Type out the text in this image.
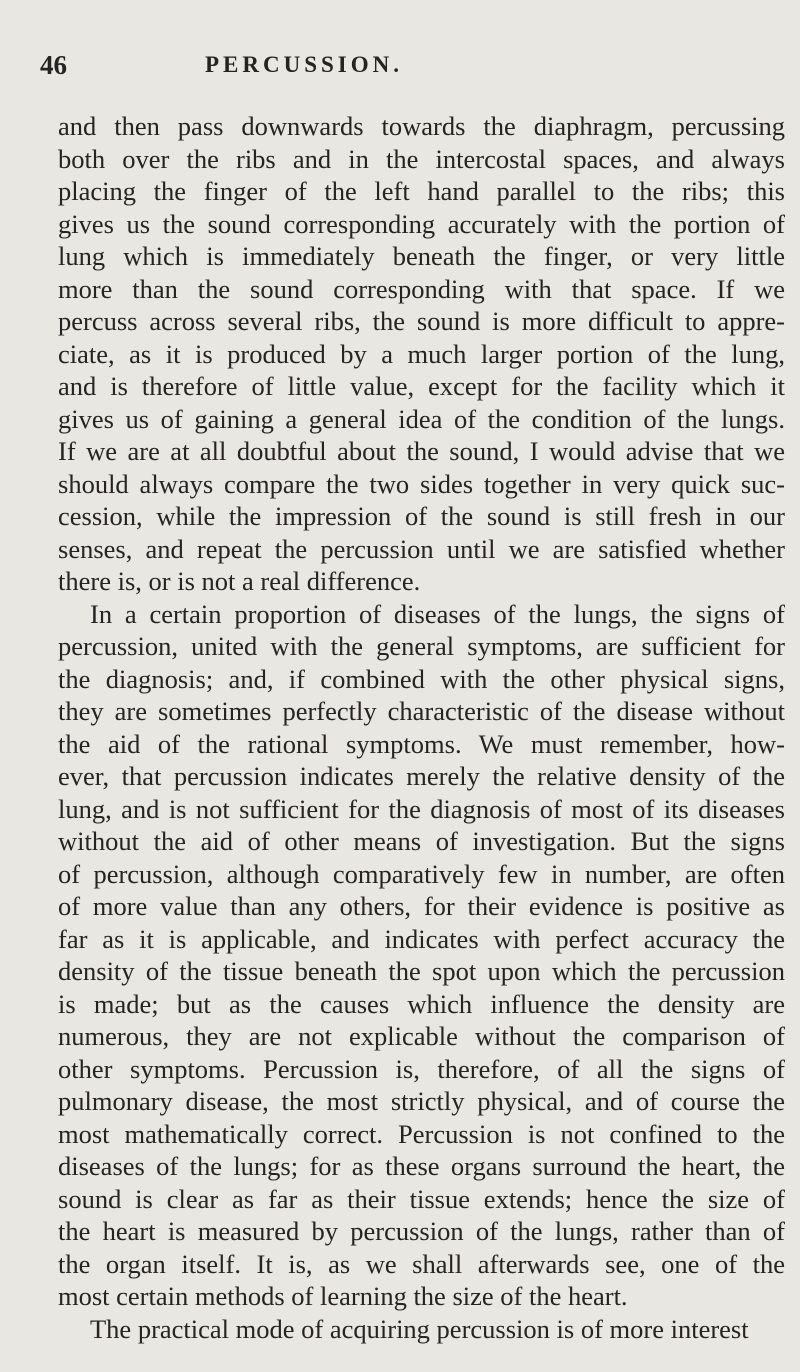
46	PERCUSSION.
and then pass downwards towards the diaphragm, percussing
both over the ribs and in the intercostal spaces, and always
placing the finger of the left hand parallel to the ribs; this
gives us the sound corresponding accurately with the portion of
lung which is immediately beneath the finger, or very little
more than the sound corresponding with that space. If we
percuss across several ribs, the sound is more difficult to appre-
ciate, as it is produced by a much larger portion of the lung,
and is therefore of little value, except for the facility which it
gives us of gaining a general idea of the condition of the lungs.
If we are at all doubtful about the sound, I would advise that we
should always compare the two sides together in very quick suc-
cession, while the impression of the sound is still fresh in our
senses, and repeat the percussion until we are satisfied whether
there is, or is not a real difference.
In a certain proportion of diseases of the lungs, the signs of
percussion, united with the general symptoms, are sufficient for
the diagnosis; and, if combined with the other physical signs,
they are sometimes perfectly characteristic of the disease without
the aid of the rational symptoms. We must remember, how-
ever, that percussion indicates merely the relative density of the
lung, and is not sufficient for the diagnosis of most of its diseases
without the aid of other means of investigation. But the signs
of percussion, although comparatively few in number, are often
of more value than any others, for their evidence is positive as
far as it is applicable, and indicates with perfect accuracy the
density of the tissue beneath the spot upon which the percussion
is made; but as the causes which influence the density are
numerous, they are not explicable without the comparison of
other symptoms. Percussion is, therefore, of all the signs of
pulmonary disease, the most strictly physical, and of course the
most mathematically correct. Percussion is not confined to the
diseases of the lungs; for as these organs surround the heart, the
sound is clear as far as their tissue extends; hence the size of
the heart is measured by percussion of the lungs, rather than of
the organ itself. It is, as we shall afterwards see, one of the
most certain methods of learning the size of the heart.
The practical mode of acquiring percussion is of more interest
